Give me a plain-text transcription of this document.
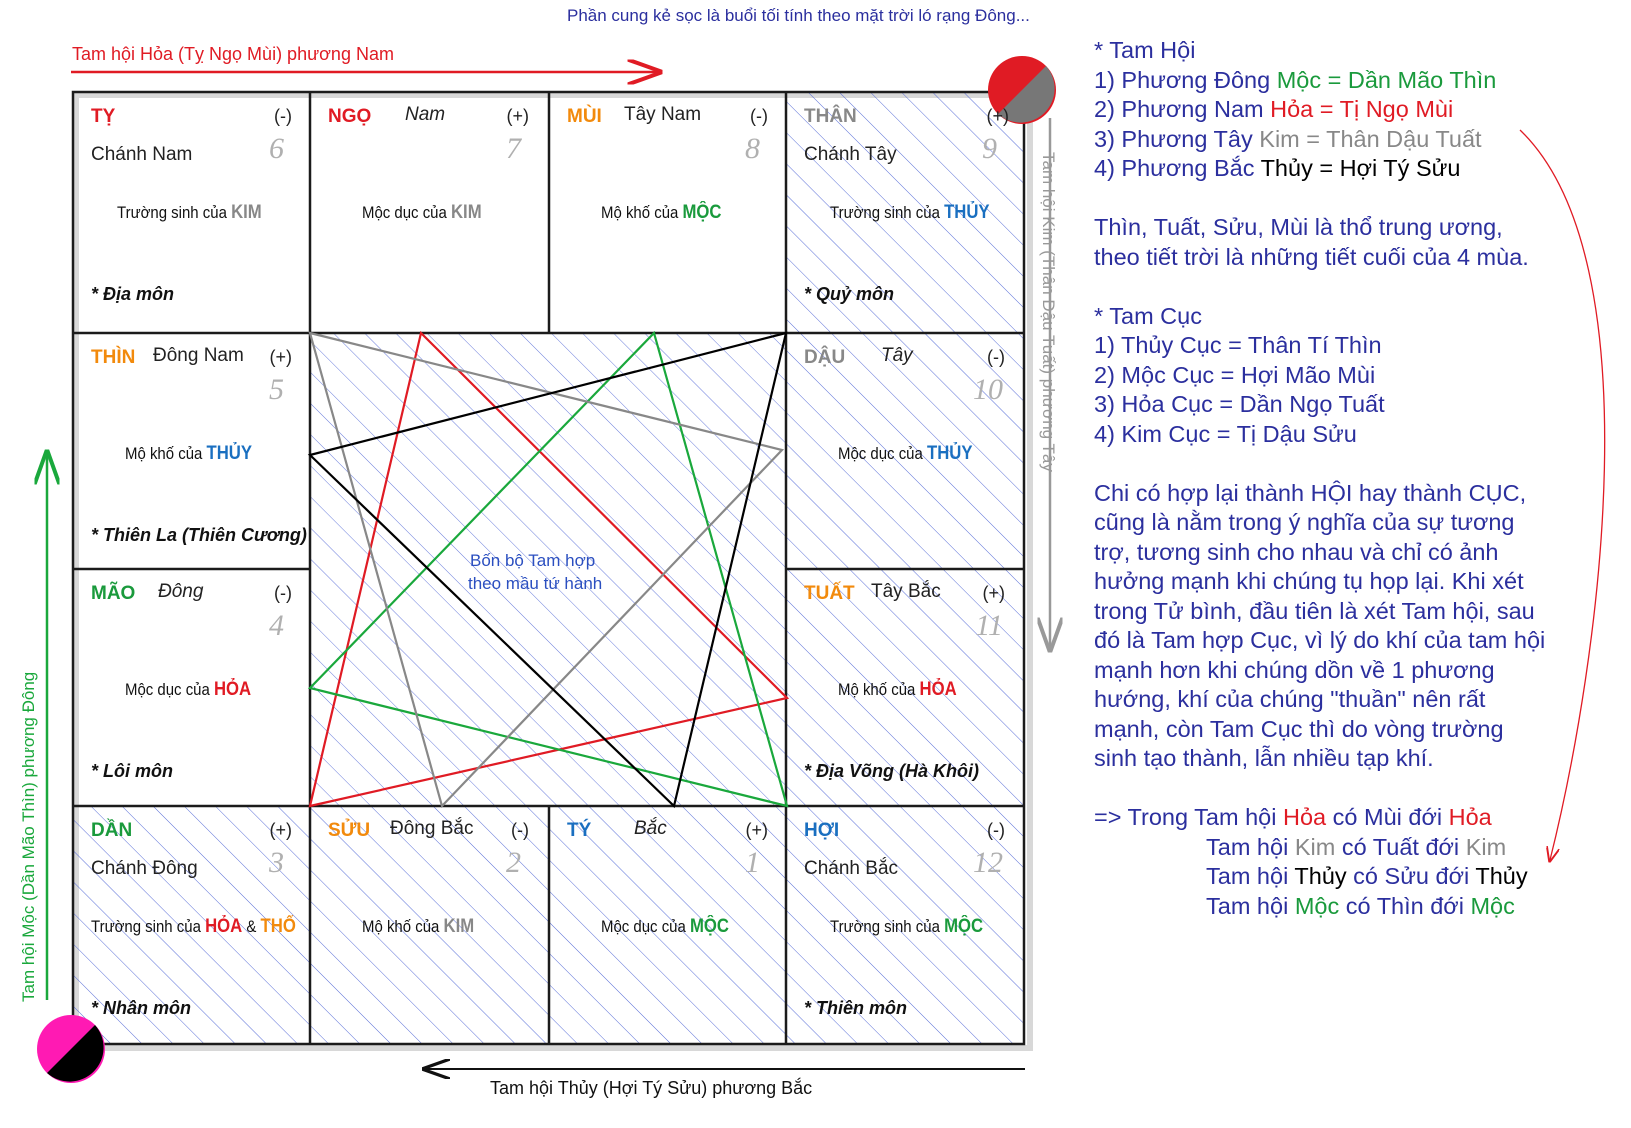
Phần cung kẻ sọc là buổi tối tính theo mặt trời ló rạng Đông...
Tam hội Hỏa (Tỵ Ngọ Mùi) phương Nam
Tam hội Thủy (Hợi Tý Sửu) phương Bắc
Tam hội Kim (Thân Dậu Tuất) phương Tây
Tam hội Mộc (Dần Mão Thìn) phương Đông
Bốn bộ Tam hợp
theo mầu tứ hành
TỴ
Chánh Nam
(-)
6
Trường sinh của KIM
* Địa môn
NGỌ Nam	(+)
7
Mộc dục của KIM
MÙI Tây Nam	(-)
8
Mộ khố của MỘC
THÂN
Chánh Tây
(+)
9
Trường sinh của THỦY
* Quỷ môn
THÌN Đông Nam (+)
5
Mộ khố của THỦY
* Thiên La (Thiên Cương)
DẬU Tây	(-)
10
Mộc dục của THỦY
MÃO Đông	(-)
4
Mộc dục của HỎA
* Lôi môn
TUẤT Tây Bắc (+)
11
Mộ khố của HỎA
* Địa Võng (Hà Khôi)
DẦN
Chánh Đông
(+)
3
Trường sinh của HỎA & THỔ
* Nhân môn
SỬU Đông Bắc (-)
2
Mộ khố của KIM
TÝ Bắc	(+)
1
Mộc dục của MỘC
HỢI
Chánh Bắc
(-)
12
Trường sinh của MỘC
* Thiên môn
* Tam Hội
1) Phương Đông Mộc = Dần Mão Thìn
2) Phương Nam Hỏa = Tị Ngọ Mùi
3) Phương Tây Kim = Thân Dậu Tuất
4) Phương Bắc Thủy = Hợi Tý Sửu
Thìn, Tuất, Sửu, Mùi là thổ trung ương,
theo tiết trời là những tiết cuối của 4 mùa.
* Tam Cục
1) Thủy Cục = Thân Tí Thìn
2) Mộc Cục = Hợi Mão Mùi
3) Hỏa Cục = Dần Ngọ Tuất
4) Kim Cục = Tị Dậu Sửu
Chi có hợp lại thành HỘI hay thành CỤC,
cũng là nằm trong ý nghĩa của sự tương
trợ, tương sinh cho nhau và chỉ có ảnh
hưởng mạnh khi chúng tụ họp lại. Khi xét
trong Tử bình, đầu tiên là xét Tam hội, sau
đó là Tam hợp Cục, vì lý do khí của tam hội
mạnh hơn khi chúng dồn về 1 phương
hướng, khí của chúng "thuần" nên rất
mạnh, còn Tam Cục thì do vòng trường
sinh tạo thành, lẫn nhiều tạp khí.
=> Trong Tam hội Hỏa có Mùi đới Hỏa
Tam hội Kim có Tuất đới Kim
Tam hội Thủy có Sửu đới Thủy
Tam hội Mộc có Thìn đới Mộc
